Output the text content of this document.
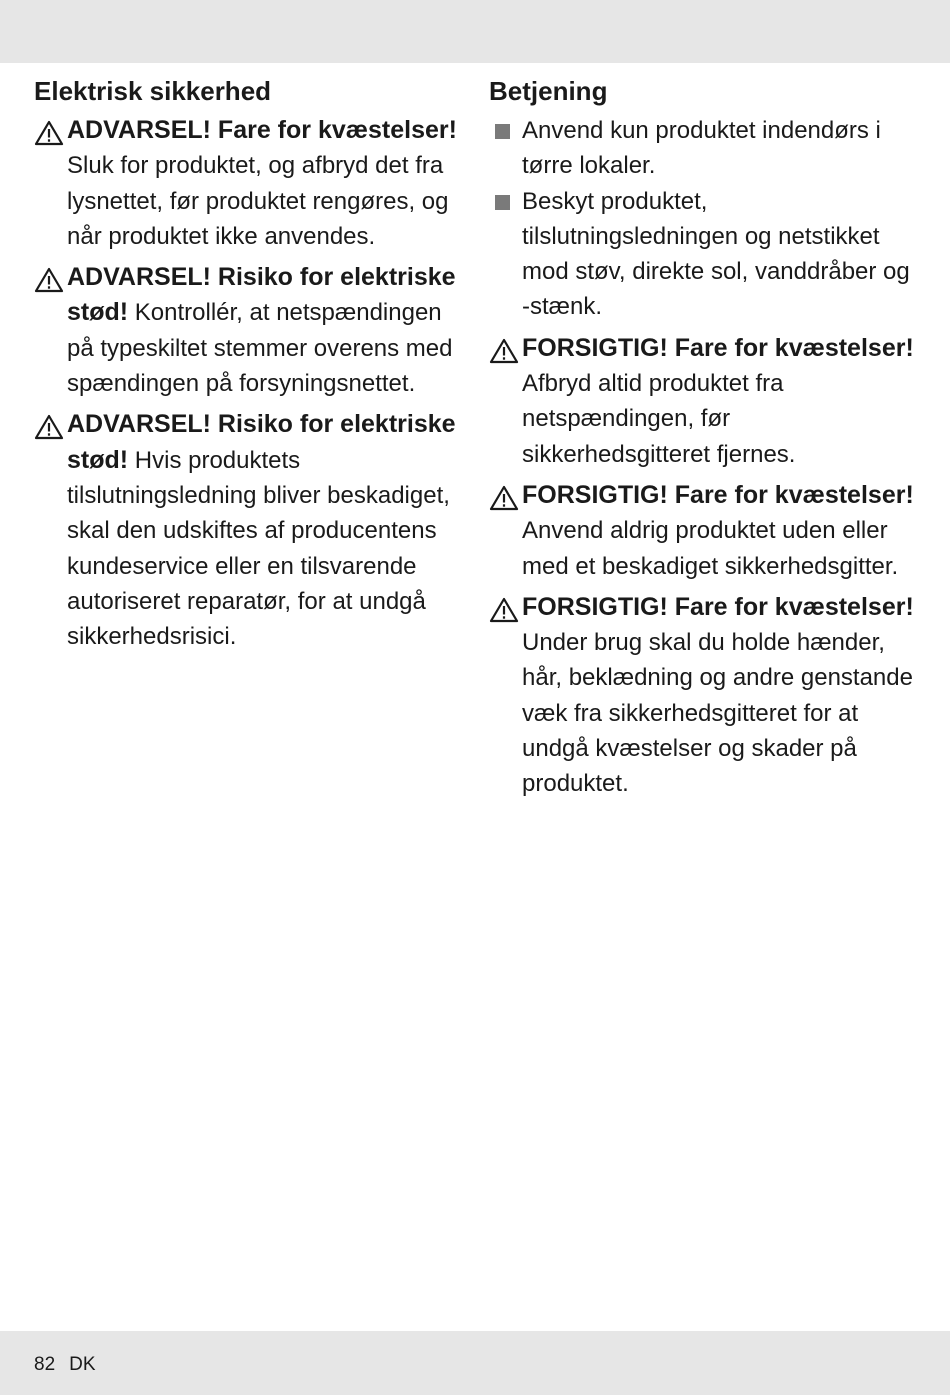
Elektrisk sikkerhed
ADVARSEL! Fare for kvæstelser! Sluk for produktet, og afbryd det fra lysnettet, før produktet rengøres, og når produktet ikke anvendes.
ADVARSEL! Risiko for elektriske stød! Kontrollér, at netspændingen på typeskiltet stemmer overens med spændingen på forsyningsnettet.
ADVARSEL! Risiko for elektriske stød! Hvis produktets tilslutningsledning bliver beskadiget, skal den udskiftes af producentens kundeservice eller en tilsvarende autoriseret reparatør, for at undgå sikkerhedsrisici.
Betjening
Anvend kun produktet indendørs i tørre lokaler.
Beskyt produktet, tilslutningsledningen og netstikket mod støv, direkte sol, vanddråber og -stænk.
FORSIGTIG! Fare for kvæstelser! Afbryd altid produktet fra netspændingen, før sikkerhedsgitteret fjernes.
FORSIGTIG! Fare for kvæstelser! Anvend aldrig produktet uden eller med et beskadiget sikkerhedsgitter.
FORSIGTIG! Fare for kvæstelser! Under brug skal du holde hænder, hår, beklædning og andre genstande væk fra sikkerhedsgitteret for at undgå kvæstelser og skader på produktet.
82 DK
